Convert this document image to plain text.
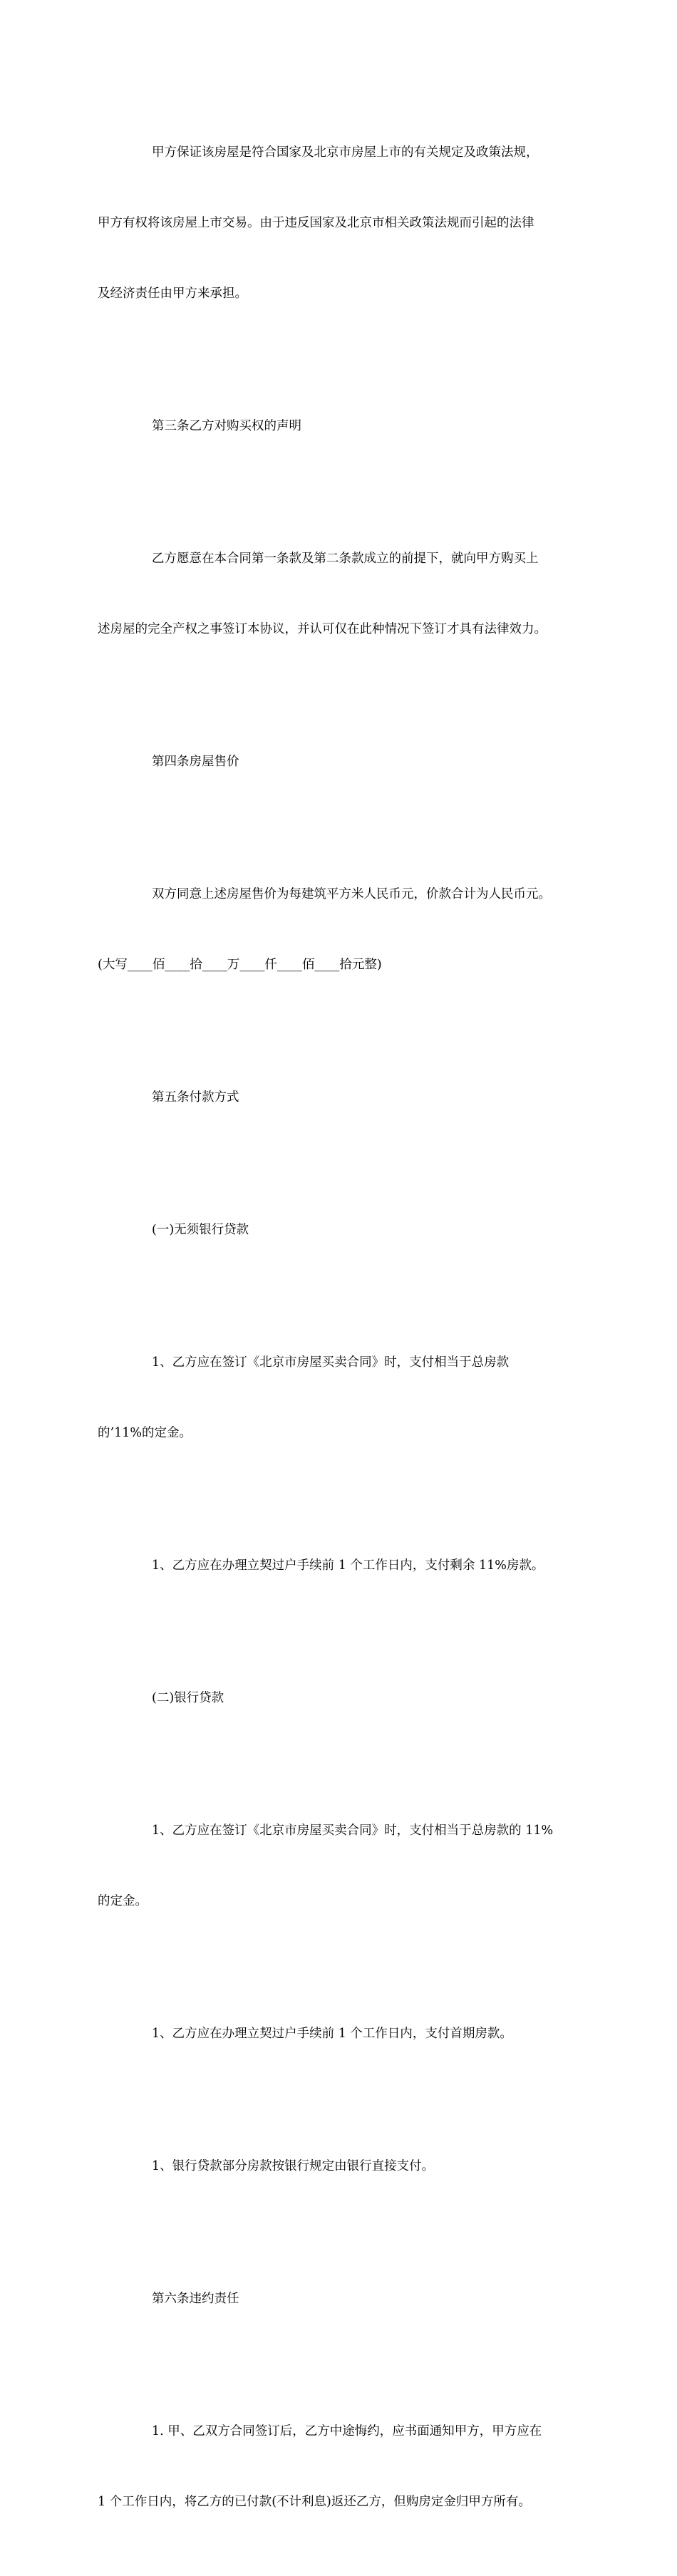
甲方保证该房屋是符合国家及北京市房屋上市的有关规定及政策法规，

甲方有权将该房屋上市交易。由于违反国家及北京市相关政策法规而引起的法律

及经济责任由甲方来承担。

第三条乙方对购买权的声明

乙方愿意在本合同第一条款及第二条款成立的前提下，就向甲方购买上

述房屋的完全产权之事签订本协议，并认可仅在此种情况下签订才具有法律效力。

第四条房屋售价

双方同意上述房屋售价为每建筑平方米人民币元，价款合计为人民币元。

(大写____佰____拾____万____仟____佰____拾元整)

第五条付款方式

(一)无须银行贷款

1、乙方应在签订《北京市房屋买卖合同》时，支付相当于总房款

的’11%的定金。

1、乙方应在办理立契过户手续前 1 个工作日内，支付剩余 11%房款。

(二)银行贷款

1、乙方应在签订《北京市房屋买卖合同》时，支付相当于总房款的 11%

的定金。

1、乙方应在办理立契过户手续前 1 个工作日内，支付首期房款。

1、银行贷款部分房款按银行规定由银行直接支付。

第六条违约责任

1. 甲、乙双方合同签订后，乙方中途悔约，应书面通知甲方，甲方应在

1 个工作日内，将乙方的已付款(不计利息)返还乙方，但购房定金归甲方所有。
